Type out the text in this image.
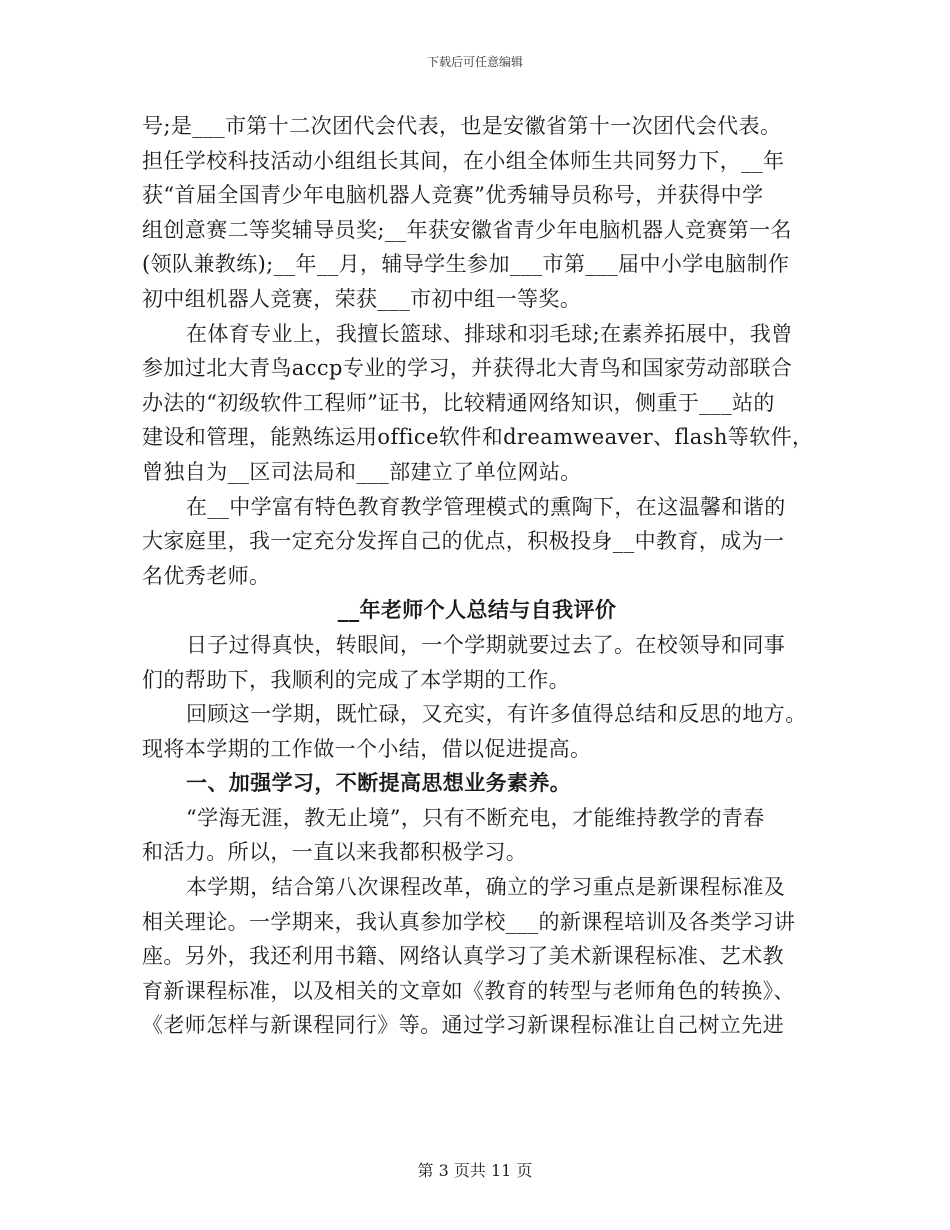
下载后可任意编辑
号;是___市第十二次团代会代表，也是安徽省第十一次团代会代表。
担任学校科技活动小组组长其间，在小组全体师生共同努力下，__年
获“首届全国青少年电脑机器人竞赛”优秀辅导员称号，并获得中学
组创意赛二等奖辅导员奖;__年获安徽省青少年电脑机器人竞赛第一名
(领队兼教练);__年__月，辅导学生参加___市第___届中小学电脑制作
初中组机器人竞赛，荣获___市初中组一等奖。
在体育专业上，我擅长篮球、排球和羽毛球;在素养拓展中，我曾
参加过北大青鸟accp专业的学习，并获得北大青鸟和国家劳动部联合
办法的“初级软件工程师”证书，比较精通网络知识，侧重于___站的
建设和管理，能熟练运用office软件和dreamweaver、flash等软件，
曾独自为__区司法局和___部建立了单位网站。
在__中学富有特色教育教学管理模式的熏陶下，在这温馨和谐的
大家庭里，我一定充分发挥自己的优点，积极投身__中教育，成为一
名优秀老师。
__年老师个人总结与自我评价
日子过得真快，转眼间，一个学期就要过去了。在校领导和同事
们的帮助下，我顺利的完成了本学期的工作。
回顾这一学期，既忙碌，又充实，有许多值得总结和反思的地方。
现将本学期的工作做一个小结，借以促进提高。
一、加强学习，不断提高思想业务素养。
“学海无涯，教无止境”，只有不断充电，才能维持教学的青春
和活力。所以，一直以来我都积极学习。
本学期，结合第八次课程改革，确立的学习重点是新课程标准及
相关理论。一学期来，我认真参加学校___的新课程培训及各类学习讲
座。另外，我还利用书籍、网络认真学习了美术新课程标准、艺术教
育新课程标准，以及相关的文章如《教育的转型与老师角色的转换》、
《老师怎样与新课程同行》等。通过学习新课程标准让自己树立先进
第 3 页共 11 页
